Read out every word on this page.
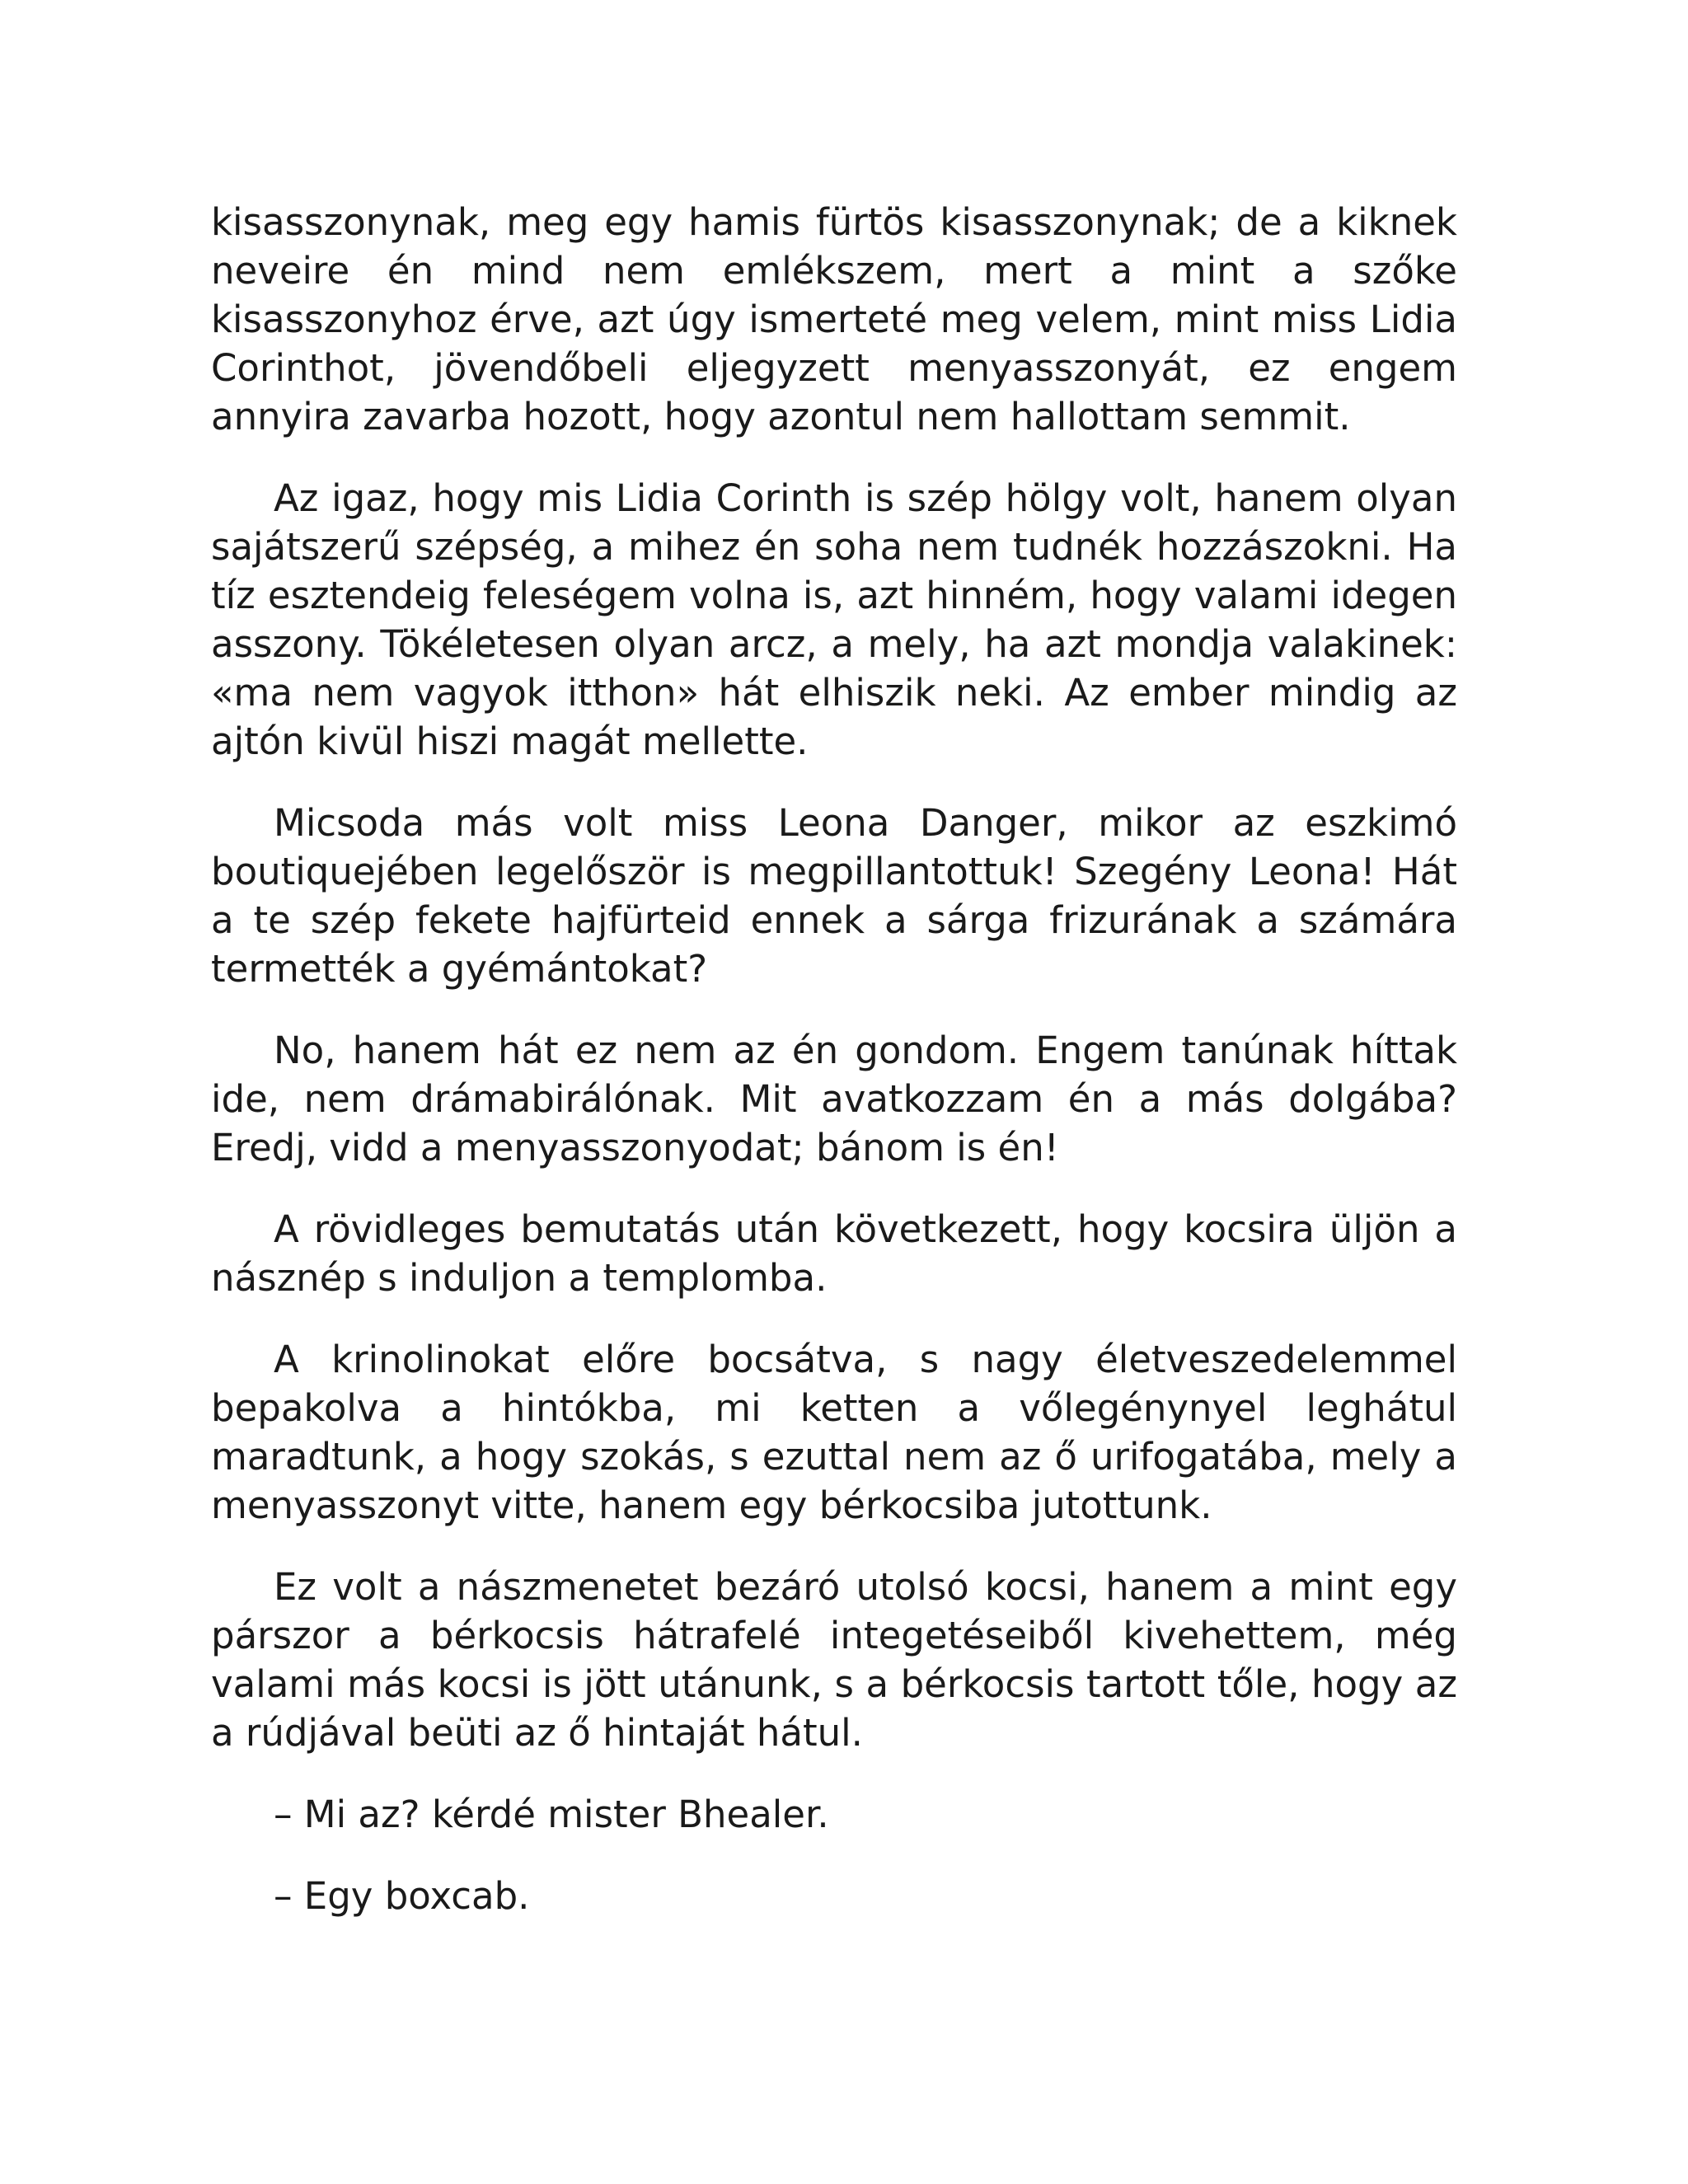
kisasszonynak, meg egy hamis fürtös kisasszonynak; de a kiknek neveire én mind nem emlékszem, mert a mint a szőke kisasszonyhoz érve, azt úgy ismerteté meg velem, mint miss Lidia Corinthot, jövendőbeli eljegyzett menyasszonyát, ez engem annyira zavarba hozott, hogy azontul nem hallottam semmit.

Az igaz, hogy mis Lidia Corinth is szép hölgy volt, hanem olyan sajátszerű szépség, a mihez én soha nem tudnék hozzászokni. Ha tíz esztendeig feleségem volna is, azt hinném, hogy valami idegen asszony. Tökéletesen olyan arcz, a mely, ha azt mondja valakinek: «ma nem vagyok itthon» hát elhiszik neki. Az ember mindig az ajtón kivül hiszi magát mellette.

Micsoda más volt miss Leona Danger, mikor az eszkimó boutiquejében legelőször is megpillantottuk! Szegény Leona! Hát a te szép fekete hajfürteid ennek a sárga frizurának a számára termették a gyémántokat?

No, hanem hát ez nem az én gondom. Engem tanúnak híttak ide, nem drámabirálónak. Mit avatkozzam én a más dolgába? Eredj, vidd a menyasszonyodat; bánom is én!

A rövidleges bemutatás után következett, hogy kocsira üljön a násznép s induljon a templomba.

A krinolinokat előre bocsátva, s nagy életveszedelemmel bepakolva a hintókba, mi ketten a vőlegénynyel leghátul maradtunk, a hogy szokás, s ezuttal nem az ő urifogatába, mely a menyasszonyt vitte, hanem egy bérkocsiba jutottunk.

Ez volt a nászmenetet bezáró utolsó kocsi, hanem a mint egy párszor a bérkocsis hátrafelé integetéseiből kivehettem, még valami más kocsi is jött utánunk, s a bérkocsis tartott tőle, hogy az a rúdjával beüti az ő hintaját hátul.

– Mi az? kérdé mister Bhealer.

– Egy boxcab.
